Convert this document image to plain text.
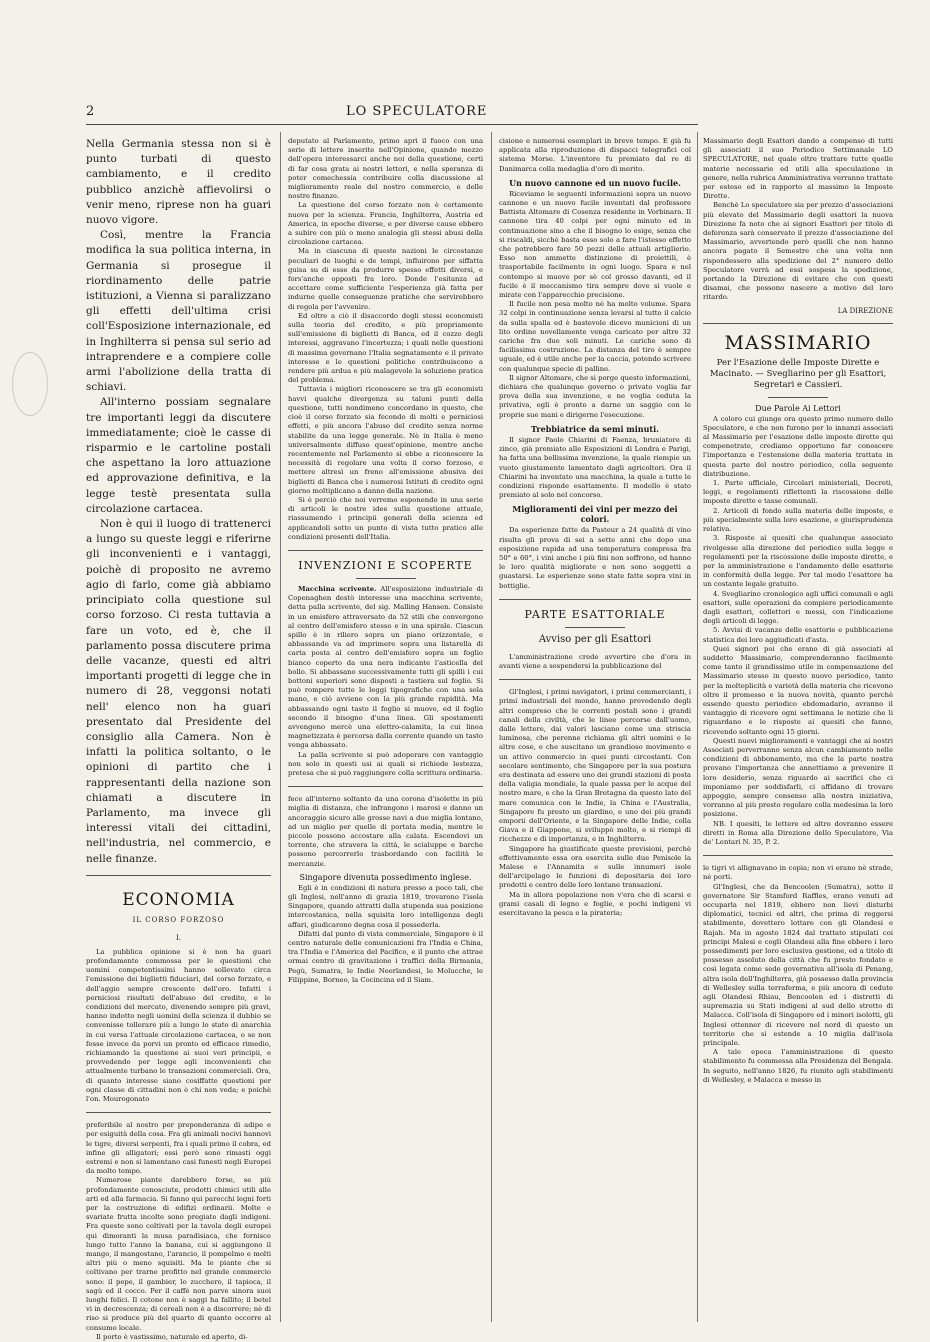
2	LO SPECULATORE

Nella Germania stessa non si è punto turbati di questo cambiamento, e il credito pubblico anzichè affievolirsi o venir meno, riprese non ha guari nuovo vigore.

Così, mentre la Francia modifica la sua politica interna, in Germania si prosegue il riordinamento delle patrie istituzioni, a Vienna si paralizzano gli effetti dell'ultima crisi coll'Esposizione internazionale, ed in Inghilterra si pensa sul serio ad intraprendere e a compiere colle armi l'abolizione della tratta di schiavi.

All'interno possiam segnalare tre importanti leggi da discutere immediatamente; cioè le casse di risparmio e le cartoline postali che aspettano la loro attuazione ed approvazione definitiva, e la legge testè presentata sulla circolazione cartacea.

Non è qui il luogo di trattenerci a lungo su queste leggi e riferirne gli inconvenienti e i vantaggi, poichè di proposito ne avremo agio di farlo, come già abbiamo principiato colla questione sul corso forzoso. Ci resta tuttavia a fare un voto, ed è, che il parlamento possa discutere prima delle vacanze, questi ed altri importanti progetti di legge che in numero di 28, veggonsi notati nell' elenco non ha guari presentato dal Presidente del consiglio alla Camera. Non è infatti la politica soltanto, o le opinioni di partito che i rappresentanti della nazione son chiamati a discutere in Parlamento, ma invece gli interessi vitali dei cittadini, nell'industria, nel commercio, e nelle finanze.

ECONOMIA
IL CORSO FORZOSO
I.

La pubblica opinione si è non ha guari profondamente commossa per le questioni che uomini competentissimi hanno sollevato circa l'emissione dei biglietti fiduciari, del corso forzato, e dell'aggio sempre crescente dell'oro. Infatti i perniciosi risultati dell'abuso del credito, e le condizioni del mercato, divenendo sempre più gravi, hanno indotto negli uomini della scienza il dubbio se convenisse tollerare più a lungo lo stato di anarchia in cui versa l'attuale circolazione cartacea, o se non fosse invece da porvi un pronto ed efficace rimedio, richiamando la questione ai suoi veri principii, e provvedendo per legge agli inconvenienti che attualmente turbano le transazioni commerciali. Ora, di quanto interesse siano cosiffatte questioni per ogni classe di cittadini non è chi non veda; e poichè l'on. Mourogonato

preferibile al nostro per preponderanza di adipe e per esiguità della cosa. Fra gli animali nocivi hannovi le tigre, diversi serpenti, fra i quali primo il cobra, ed infine gli alligatori; essi però sono rimasti oggi estremi e non si lamentano casi funesti negli Europei da molto tempo.

Numerose piante darebbero forse, se più profondamente conosciute, prodotti chimici utili alle arti ed alla farmacia. Si fanno qui parecchi legni forti per la costruzione di edifizi ordinarii. Molte e svariate frutta incolte sono pregiate dagli indigeni. Fra queste sono coltivati per la tavola degli europei qui dimoranti la musa paradisiaca, che fornisce lungo tutto l'anno la banana, cui si aggiungono il mango, il mangostano, l'arancio, il pompelmo e molti altri più o meno squisiti. Ma le piante che si coltivano per trarne profitto nel grande commercio sono: il pepe, il gambier, lo zucchero, il tapioca, il sagù ed il cocco. Per il caffè non parve sinora suoi luoghi felici. Il cotone non è saggi ha fallito; il betel vi in decrescenza; di cereali non è a discorrere; nè di riso si produce più del quarto di quanto occorre al consumo locale.

Il porto è vastissimo, naturale ed aperto, di-

deputato al Parlamento, primo aprì il fuoco con una serie di lettere inserite nell'Opinione, quando mezzo dell'opera interessarci anche noi della questione, certi di far cosa grata ai nostri lettori, e nella speranza di poter comechessia contribuire colla discussione al miglioramento reale del nostro commercio, e delle nostre finanze.

La questione del corso forzato non è certamente nuova per la scienza. Francia, Inghilterra, Austria ed America, in epoche diverse, e per diverse cause ebbero a subire con più o meno analogia gli stessi abusi della circolazione cartacea.

Ma in ciascuna di queste nazioni le circostanze peculiari de luoghi e de tempi, influirono per siffatta guisa su di esse da produrre spesso effetti diversi, e fors'anche opposti fra loro. Donde l'esitanza ad accettare come sufficiente l'esperienza già fatta per indurne quelle conseguenze pratiche che servirebbero di regola per l'avvenire.

Ed oltre a ciò il disaccordo degli stessi economisti sulla teoria del credito, e più propriamente sull'emissione di biglietti di Banca, ed il cozzo degli interessi, aggravano l'incertezza; i quali nelle questioni di massima governano l'Italia segnatamente e il privato interesse e le questioni politiche contribuiscono a rendere più ardua e più malagevole la soluzione pratica del problema.

Tuttavia i migliori riconoscere se tra gli economisti havvi qualche divergenza su taluni punti della questione, tutti nondimeno concordano in questo, che cioè il corso forzato sia fecondo di molti e perniciosi effetti, e più ancora l'abuso del credito senza norme stabilite da una legge generale. Nè in Italia è meno universalmente diffuso quest'opinione, mentre anche recentemente nel Parlamento si ebbe a riconoscere la necessità di regolare una volta il corso forzoso, e mettere altresì un freno all'emissione abusiva dei biglietti di Banca che i numerosi Istituti di credito ogni giorno moltiplicano a danno della nazione.

Si è perciò che noi verremo esponendo in una serie di articoli le nostre idee sulla questione attuale, riassumendo i principii generali della scienza ed applicandoli sotto un punto di vista tutto pratico alle condizioni presenti dell'Italia.

INVENZIONI E SCOPERTE

Macchina scrivente. All'esposizione industriale di Copenaghen destò interesse una macchina scrivente, detta palla scrivente, del sig. Malling Hansen. Consiste in un emisfero attraversato da 52 stili che convergono al centro dell'emisfero stesso e in una spirale. Ciascun spillo è in riliero sopra un piano orizzontale, e abbassando va ad imprimere sopra una listarella di carta posta al centro dell'emisfero sopra un foglio bianco coperto da una nera indicante l'asticella del bollo. Si abbassano successivamente tutti gli spilli i cui bottoni superiori sono disposti a tastiera sul foglio. Si può rompere tutte le leggi tipografiche con una sola mano, e ciò avviene con la più grande rapidità. Ma abbassando ogni tasto il foglio si muove, ed il foglio secondo il bisogno d'una linea. Gli spostamenti avvengono mercè una elettro-calamita, la cui linea magnetizzata è percorsa dalla corrente quando un tasto venga abbassato.

La palla scrivente si può adoperare con vantaggio non solo in questi usi ai quali si richiede lestezza, pretesa che si può raggiungere colla scrittura ordinaria.

fece all'interno soltanto da una corona d'isolette in più miglia di distanza, che infrangono i marosi e danno un ancoraggio sicuro alle grosse navi a due miglia lontano, ad un miglio per quelle di portata media, mentre le piccole possono accostare alla calata. Escendovi un torrente, che stravera la città, le scialuppe e barche possono percorrerlo trasbordando con facilità le mercanzie.

Singapore divenuta possedimento inglese.

Egli è in condizioni di natura presso a poco tali, che gli Inglesi, nell'anno di grazia 1819, trovarono l'isola Singapore, quando attratti dalla stupenda sua posizione intercostanica, nella squisita loro intelligenza degli affari, giudicarono degna cosa il possederla.

Difatti dal punto di vista commerciale, Singapore è il centro naturale delle comunicazioni fra l'India e China, tra l'India e l'America del Pacifico, e il punto che attrae ormai centro di gravitazione i traffici della Birmania, Pegù, Sumatra, le Indie Neerlandesi, le Molucche, le Filippine, Borneo, la Cocincina ed il Siam.

cisione e numerosi esemplari in breve tempo. E già fu applicata alla riproduzione di dispacci telegrafici col sistema Morse. L'inventore fu premiato dal re di Danimarca colla medaglia d'oro di merito.

Un nuovo cannone ed un nuovo fucile.

Riceviamo le seguenti informazioni sopra un nuovo cannone e un nuovo fucile inventati dal professore Battista Altomare di Cosenza residente in Vorbinara. Il cannone tira 40 colpi per ogni minuto ed in continuazione sino a che il bisogno lo esige, senza che si riscaldi, sicchè basta esso solo a fare l'istesso effetto che potrebbero fare 50 pezzi delle attuali artiglierie. Esso non ammette distinzione di proiettili, è trasportabile facilmente in ogni luogo. Spara e nel contempo si muove per sè col grosso davanti, ed il fucile è il meccanismo tira sempre dove si vuole e mirate con l'apparecchio precisione.

Il fucile non pesa molto nè ha molto volume. Spara 32 colpi in continuazione senza levarsi al tutto il calcio da sulla spalla ed è bastevole dicevo municioni di un lito ordine novellamente venga caricato per altre 32 cariche fra due soli minuti. Le cariche sono di facilissima costruzione. La distanza del tiro è sempre uguale, ed è utile anche per la caccia, potendo scrivere con qualunque specie di palline.

Il signor Altomare, che si porge questo informazioni, dichiara che qualunque governo o privato voglia far prova della sua invenzione, e ne voglia ceduta la privativa, egli è pronto a darne un saggio con le proprie sue mani e dirigerne l'esecuzione.

Trebbiatrice da semi minuti.

Il signor Paolo Chiarini di Faenza, bruniatore di zinco, già premiato alle Esposizioni di Londra e Parigi, ha fatta una bellissima invenzione, la quale riempie un vuoto giustamente lamentato dagli agricoltori. Ora il Chiarini ha inventato una macchina, la quale a tutte le condizioni risponde esattamente. Il modello è stato premiato al solo nel concorso.

Miglioramenti dei vini per mezzo dei colori.

Da esperienze fatte da Pasteur a 24 qualità di vino risulta gli prova di sei a sette anni che dopo una esposizione rapida ad una temperatura compresa fra 50° e 60°, i vini anche i più fini non soffrono, ed hanno le loro qualità migliorate e non sono soggetti a guastarsi. Le esperienze sono state fatte sopra vini in bottiglie.

PARTE ESATTORIALE
Avviso per gli Esattori

L'amministrazione crede avvertire che d'ora in avanti viene a sospendersi la pubblicazione del

Gl'Inglesi, i primi navigatori, i primi commercianti, i primi industriali del mondo, hanno prevedendo degli altri compreso che le correnti postali sono i grandi canali della civiltà, che le linee percorse dall'uomo, dalle lettere, dai valori lasciano come una striscia luminosa, che perenne richiama gli altri uomini e le altre cose, e che suscitano un grandioso movimento e un attivo commercio in quei punti circostanti. Con secolare sentimento, che Singapore per la sua postura era destinata ad essere uno dei grandi stazioni di posta della valigia mondiale, la quale passa per le acque del nostro mare, e che la Gran Bretagna da questo lato del mare comunica con le Indie, la China e l'Australia, Singapore fu presto un giardino, e uno dei più grandi emporii dell'Oriente, e la Singapore delle Indie, colla Giava e il Giappone, si sviluppò molto, e si riempì di ricchezze e di importanza, e in Inghilterra.

Singapore ha giustificate queste previsioni, perchè effettivamente essa ora esercita sulle due Penisole la Malese e l'Annamita e sulle innumeri isole dell'arcipelago le funzioni di depositaria dei loro prodotti e centro delle loro lontane transazioni.

Ma in allora popolazione non v'era che di scarsi e grami casali di legno e foglie, e pochi indigeni vi esercitavano la pesca e la pirateria;

Massimario degli Esattori dando a compenso di tutti gli associati il suo Periodico Settimanale LO SPECULATORE, nel quale oltre trattare tutte quelle materie necessarie ed utili alla speculazione in genere, nella rubrica Amministrativa verranno trattate per esteso ed in rapporto al massimo la Imposte Dirette.

Benchè Lo speculatore sia per prezzo d'associazioni più elevato del Massimario degli esattori la nuova Direzione fa noto che ai signori Esattori per titolo di deferenza sarà conservato il prezzo d'associazione del Massimario, avvertendo però quelli che non hanno ancora pagato il Semestre che una volta non rispondessero alla spedizione del 2° numero dello Speculatore verrà ad essi sospesa la spedizione, portando la Direzione di evitare che con questi disamai, che possono nascere a motivo del loro ritardo.

LA DIREZIONE
MASSIMARIO
Per l'Esazione delle Imposte Dirette e Macinato. — Svegliarino per gli Esattori, Segretari e Cassieri.
Due Parole Ai Lettori

A coloro cui giunge ora questo primo numero dello Speculatore, e che non furono per lo innanzi associati al Massimario per l'esazione delle imposte dirette qui compenetrate, crediamo opportuno far conoscere l'importanza e l'estensione della materia trattata in questa parte del nostro periodico, colla seguente distribuzione.

1. Parte ufficiale, Circolari ministeriali, Decreti, leggi, e regolamenti riflettenti la riscossione delle imposte dirette e tasse comunali.

2. Articoli di fondo sulla materia delle imposte, e più specialmente sulla loro esazione, e giurisprudenza relativa.

3. Risposte ai quesiti che qualunque associato rivolgesse alla direzione del periodico sulla legge e regolamenti per la riscossione delle imposte dirette, e per la amministrazione e l'andamento delle esattorie in conformità della legge. Per tal modo l'esattore ha un costante legale gratuito.

4. Svegliarino cronologico agli uffici comunali e agli esattori, sulle operazioni da compiere periodicamente dagli esattori, collettori e messi, con l'indicazione degli articoli di legge.

5. Avvisi di vacanze delle esattorie e pubblicazione statistica dei loro aggiudicati d'asta.

Quei signori poi che erano di già associati al suddetto Massimario, comprenderanno facilmente come tanto il grandissimo utile in compensazione del Massimario stesso in questo nuovo periodico, tanto per la molteplicità e varietà della materia che ricevono oltre il promesso e la nuova novità, quanto perchè essendo questo periodico ebdomadario, avranno il vantaggio di ricevere ogni settimana le notizie che li riguardano e le risposte ai quesiti che fanno, ricevendo soltanto ogni 15 giorni.

Questi nuovi miglioramenti e vantaggi che ai nostri Associati perverranno senza alcun cambiamento nelle condizioni di abbonamento, ma che la parte nostra provano l'importanza che annettiamo a prevenire il loro desiderio, senza riguardo ai sacrifici che ci imponiamo per soddisfarli, ci affidano di trovare appoggio, sempre consenso alla nostra iniziativa, vorranno al più presto regolare colla medesima la loro posizione.

NB. I quesiti, le lettere ed altro dovranno essere diretti in Roma alla Direzione dello Speculatore, Via de' Lentari N. 35, P. 2.

le tigri vi allignavano in copia; non vi erano nè strade, nè porti.

Gl'Inglesi, che da Bencoolen (Sumatra), sotto il governatore Sir Stamford Raffles, erano venuti ad occuparla nel 1819, ebbero non lievi disturbi diplomatici, tecnici ed altri, che prima di reggersi stabilmente, dovettero lottare con gli Olandesi e Rajah. Ma in agosto 1824 dal trattato stipulati coi principi Malesi e cogli Olandesi alla fine ebbero i loro possedimenti per loro esclusiva gestione, ed a titolo di possesso assoluto della città che fu presto fondato e così legata come sede governativa all'isola di Penang, altra isola dell'Inghilterra, già possesso dalla provincia di Wellesley sulla terraferma, e più ancora di cedute agli Olandesi Rhiau, Bencoolen ed i distretti di supremazia su Stati indigeni al sud dello stretto di Malacca. Coll'isola di Singapore ed i minori isolotti, gli Inglesi ottenner di ricevere nel nord di questo un territorio che si estende a 10 miglia dall'isola principale.

A tale epoca l'amministrazione di questo stabilimento fu commessa alla Presidenza del Bengala. In seguito, nell'anno 1826, fu riunito agli stabilimenti di Wellesley, e Malacca e messo in
